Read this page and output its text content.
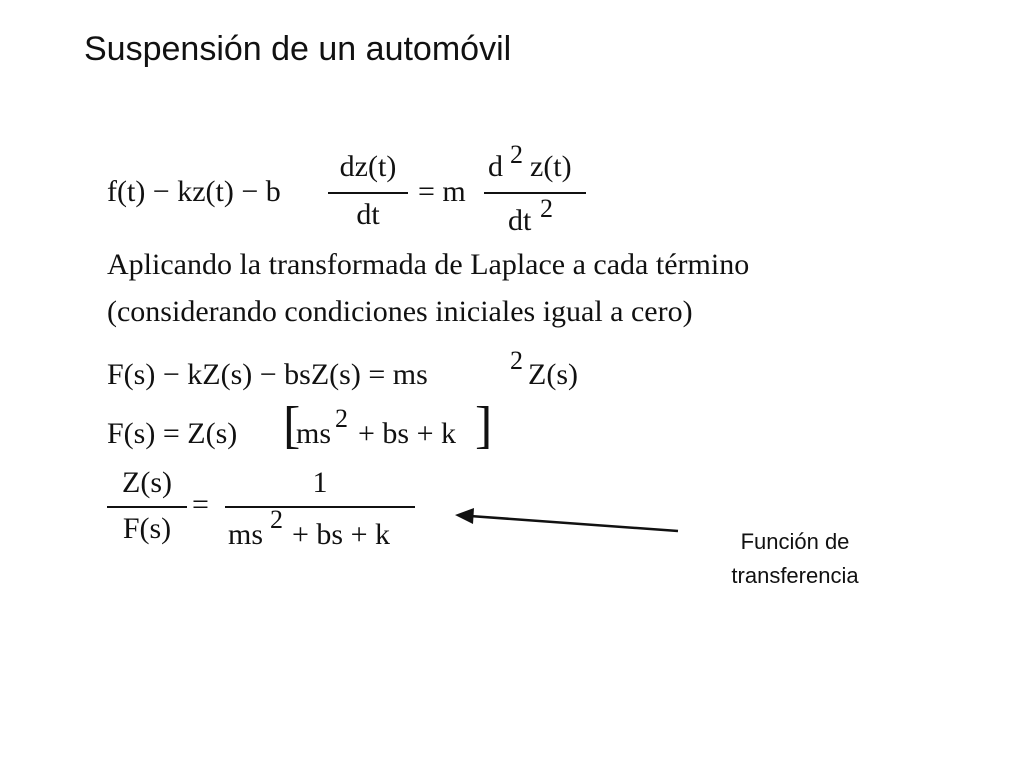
Suspensión de un automóvil
f(t) − kz(t) − b
dz(t)
dt
= m
d 2 z(t)
dt 2
Aplicando la transformada de Laplace a cada término
(considerando condiciones iniciales igual a cero)
F(s) − kZ(s) − bsZ(s) = ms	2 Z(s)
F(s) = Z(s) [
ms 2 + bs + k ]
Z(s)
F(s)
=
1
ms 2 + bs + k	Función de
transferencia
